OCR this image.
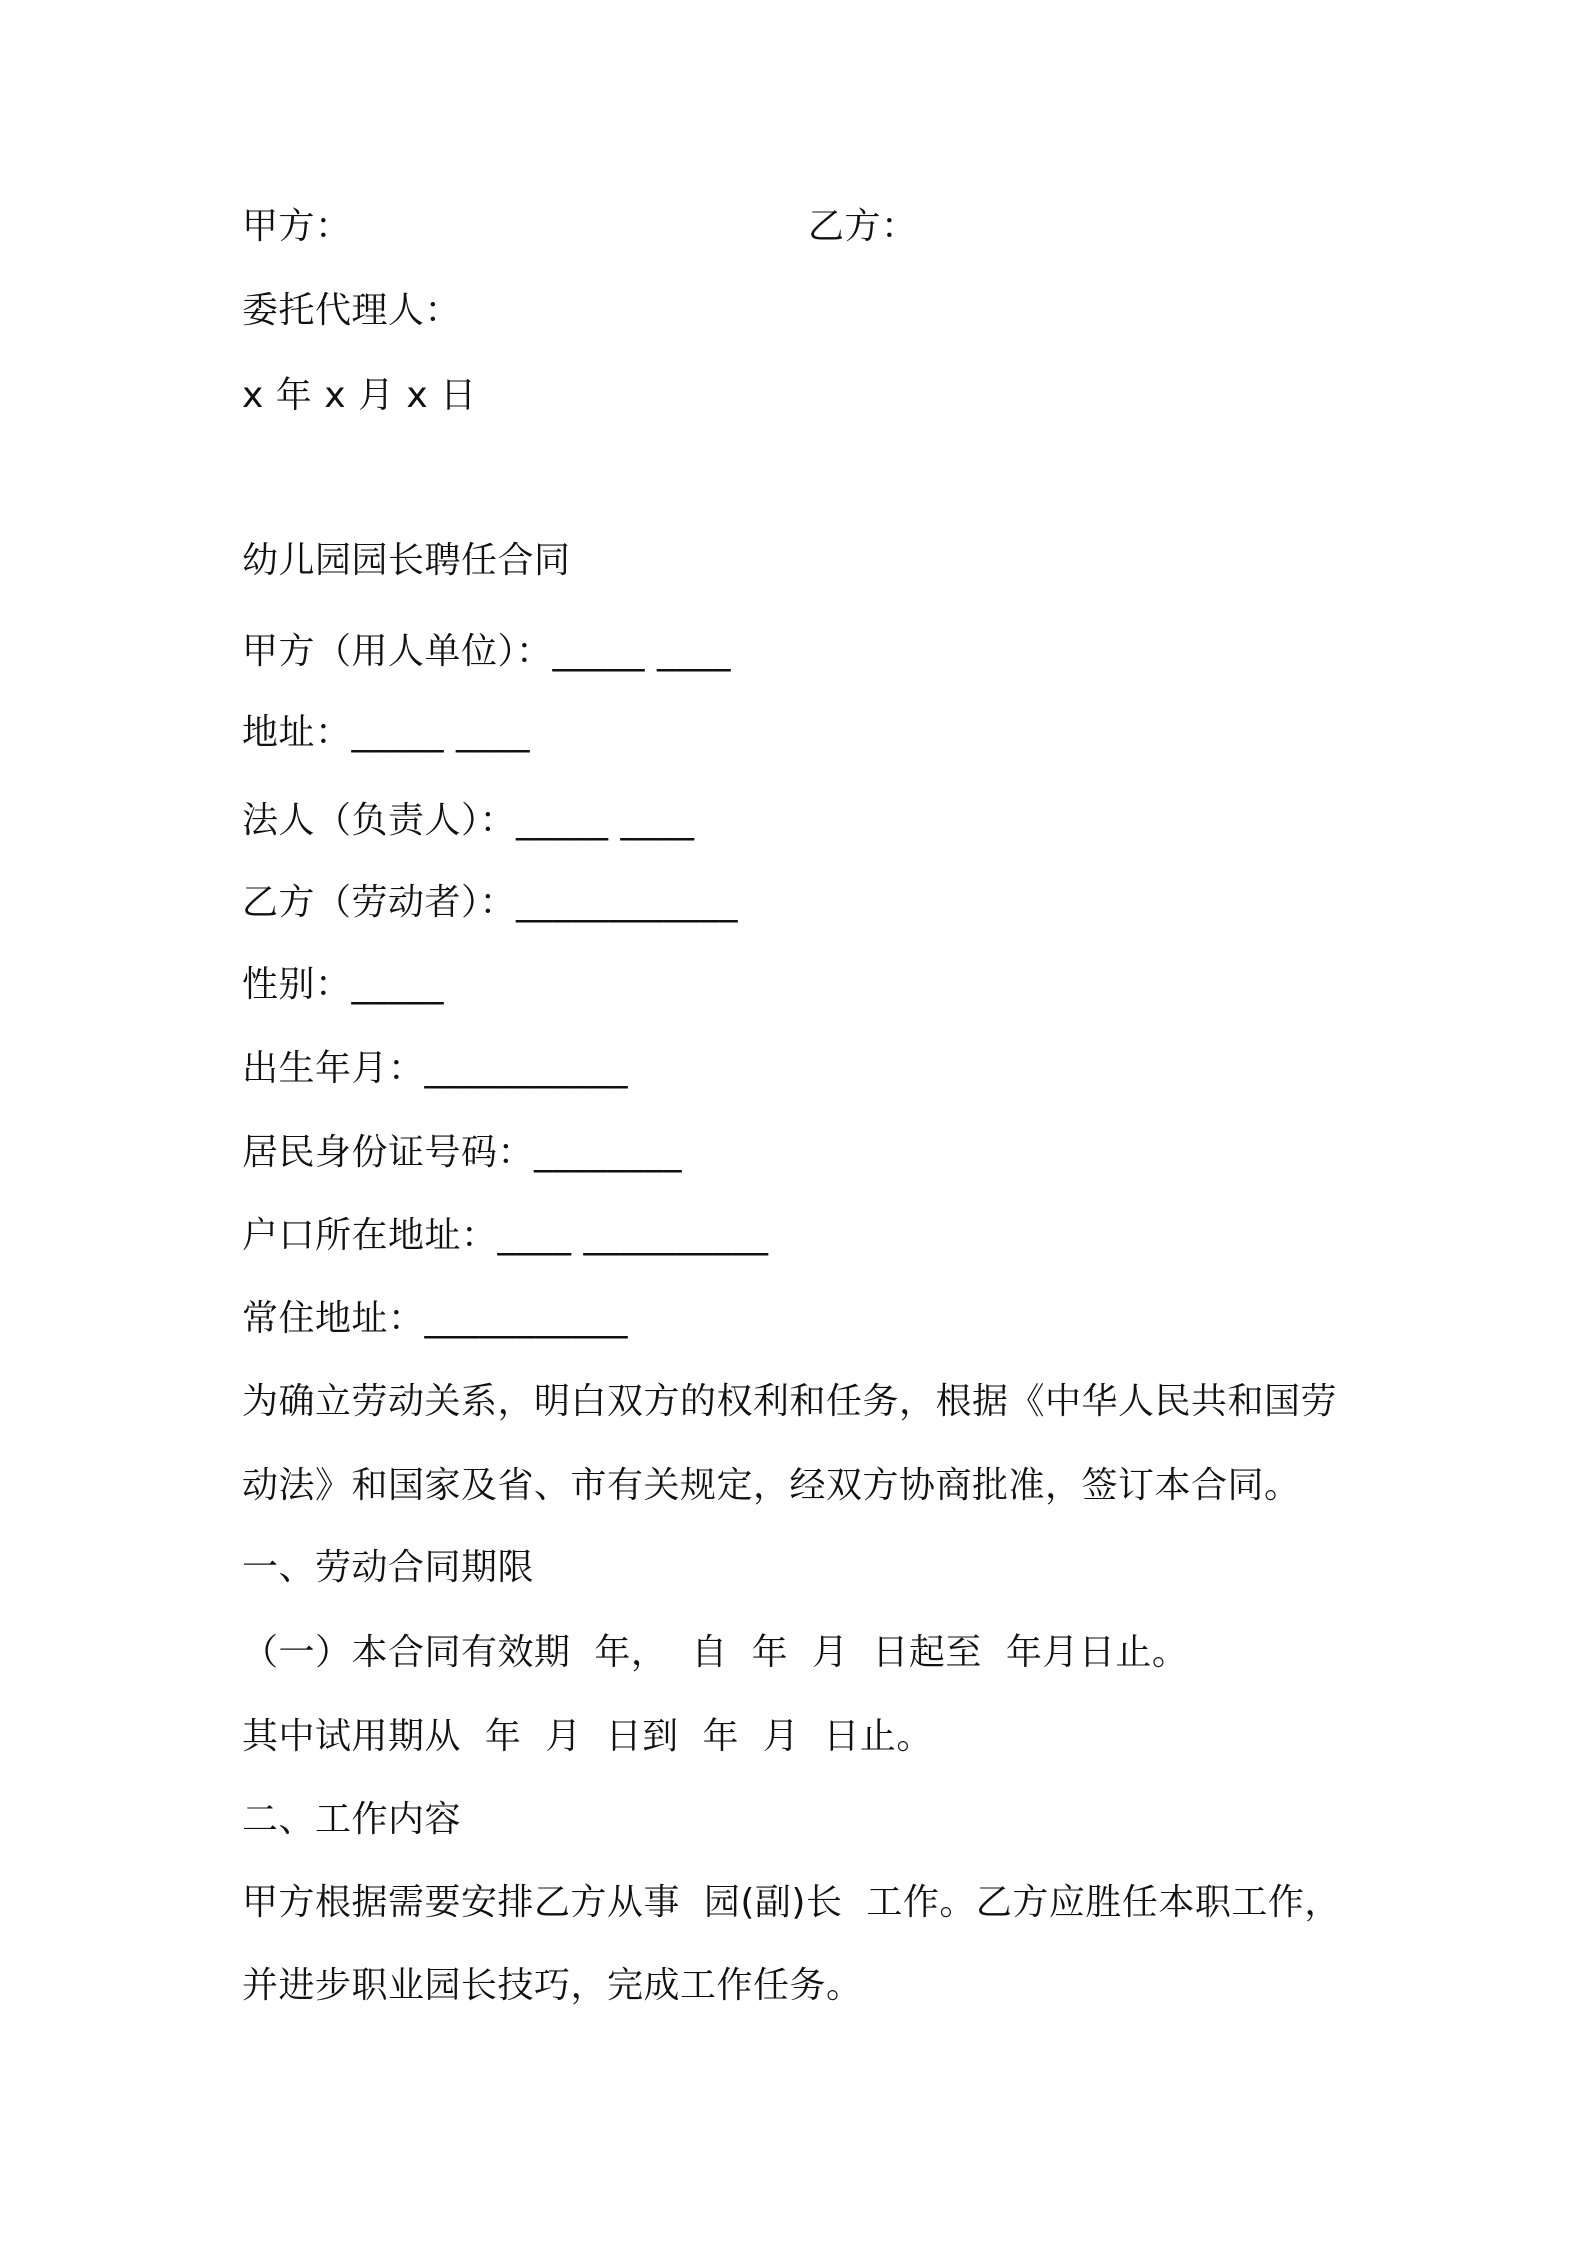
甲方：	乙方：
委托代理人：
x 年 x 月 x 日
幼儿园园长聘任合同
甲方（用人单位）：_____ ____
地址：_____ ____
法人（负责人）：_____ ____
乙方（劳动者）：____________
性别：_____
出生年月：___________
居民身份证号码：________
户口所在地址：____ __________
常住地址：___________
为确立劳动关系，明白双方的权利和任务，根据《中华人民共和国劳
动法》和国家及省、市有关规定，经双方协商批准，签订本合同。
一、劳动合同期限
（一）本合同有效期  年，  自  年  月  日起至  年月日止。
其中试用期从  年  月  日到  年  月  日止。
二、工作内容
甲方根据需要安排乙方从事  园(副)长  工作。乙方应胜任本职工作，
并进步职业园长技巧，完成工作任务。
